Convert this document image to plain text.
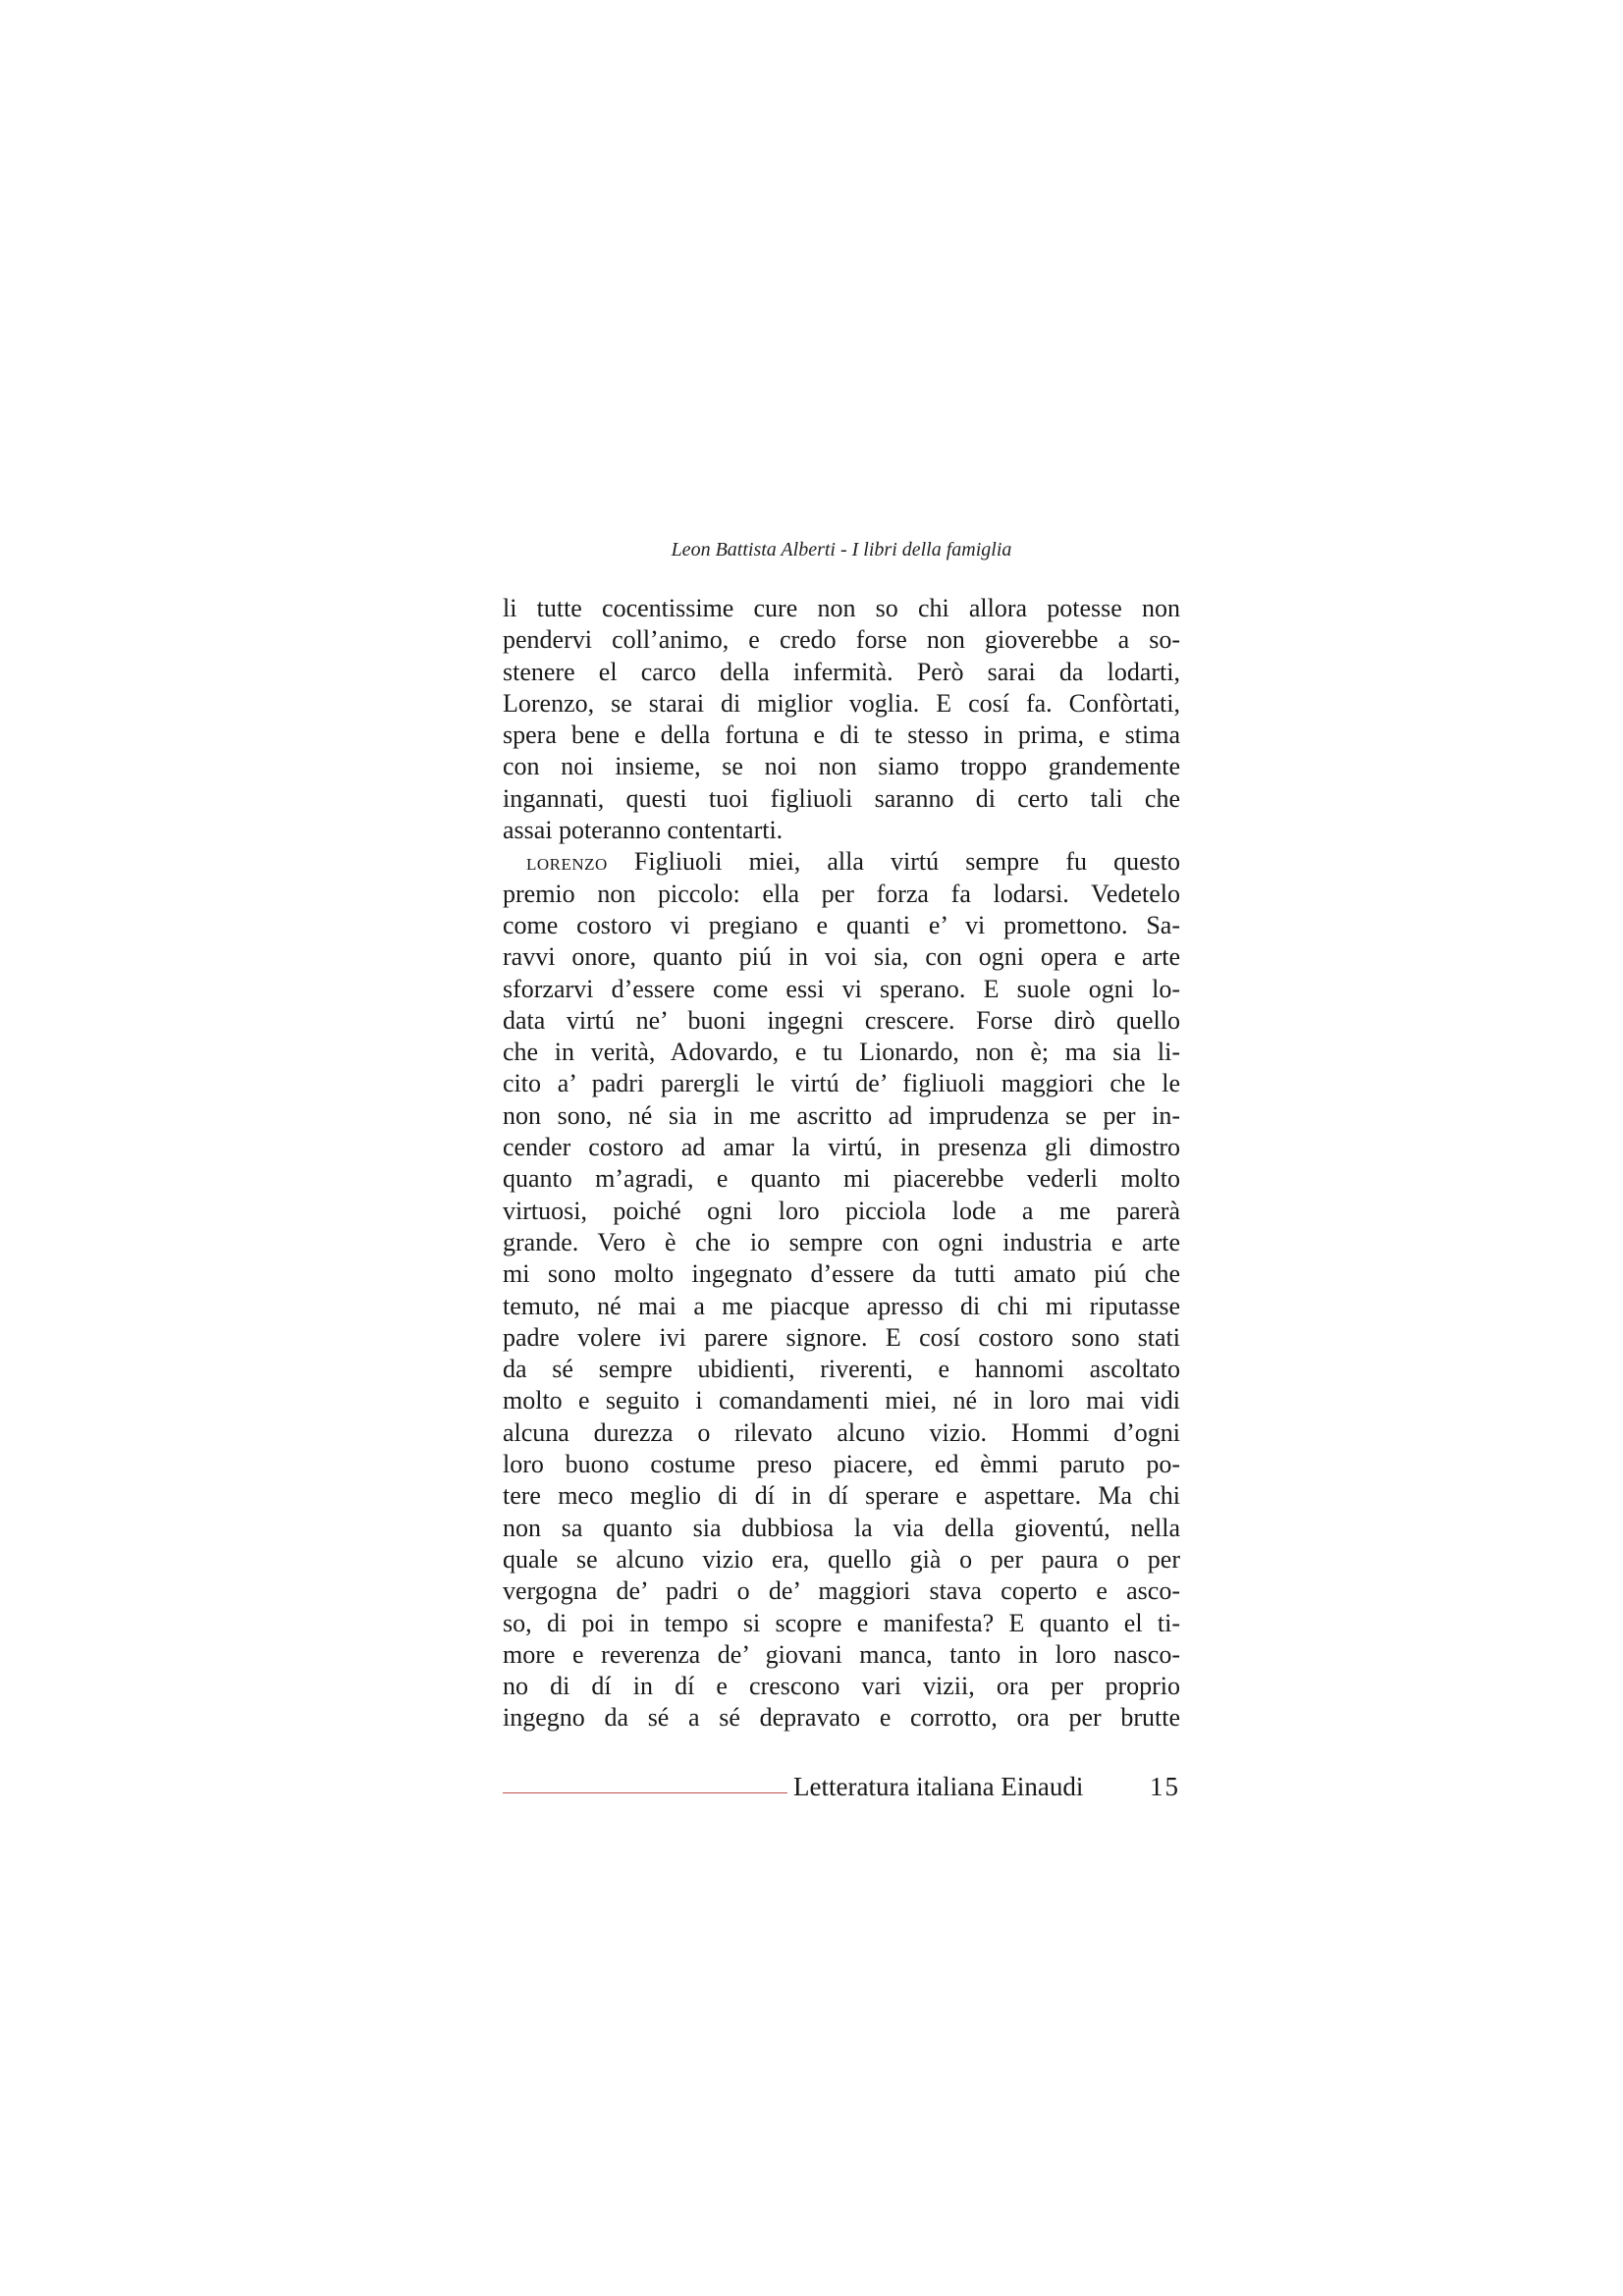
Leon Battista Alberti - I libri della famiglia
li tutte cocentissime cure non so chi allora potesse non
pendervi coll’animo, e credo forse non gioverebbe a so-
stenere el carco della infermità. Però sarai da lodarti,
Lorenzo, se starai di miglior voglia. E cosí fa. Confòrtati,
spera bene e della fortuna e di te stesso in prima, e stima
con noi insieme, se noi non siamo troppo grandemente
ingannati, questi tuoi figliuoli saranno di certo tali che
assai poteranno contentarti.
lorenzo Figliuoli miei, alla virtú sempre fu questo
premio non piccolo: ella per forza fa lodarsi. Vedetelo
come costoro vi pregiano e quanti e’ vi promettono. Sa-
ravvi onore, quanto piú in voi sia, con ogni opera e arte
sforzarvi d’essere come essi vi sperano. E suole ogni lo-
data virtú ne’ buoni ingegni crescere. Forse dirò quello
che in verità, Adovardo, e tu Lionardo, non è; ma sia li-
cito a’ padri parergli le virtú de’ figliuoli maggiori che le
non sono, né sia in me ascritto ad imprudenza se per in-
cender costoro ad amar la virtú, in presenza gli dimostro
quanto m’agradi, e quanto mi piacerebbe vederli molto
virtuosi, poiché ogni loro picciola lode a me parerà
grande. Vero è che io sempre con ogni industria e arte
mi sono molto ingegnato d’essere da tutti amato piú che
temuto, né mai a me piacque apresso di chi mi riputasse
padre volere ivi parere signore. E cosí costoro sono stati
da sé sempre ubidienti, riverenti, e hannomi ascoltato
molto e seguito i comandamenti miei, né in loro mai vidi
alcuna durezza o rilevato alcuno vizio. Hommi d’ogni
loro buono costume preso piacere, ed èmmi paruto po-
tere meco meglio di dí in dí sperare e aspettare. Ma chi
non sa quanto sia dubbiosa la via della gioventú, nella
quale se alcuno vizio era, quello già o per paura o per
vergogna de’ padri o de’ maggiori stava coperto e asco-
so, di poi in tempo si scopre e manifesta? E quanto el ti-
more e reverenza de’ giovani manca, tanto in loro nasco-
no di dí in dí e crescono vari vizii, ora per proprio
ingegno da sé a sé depravato e corrotto, ora per brutte
Letteratura italiana Einaudi	15
